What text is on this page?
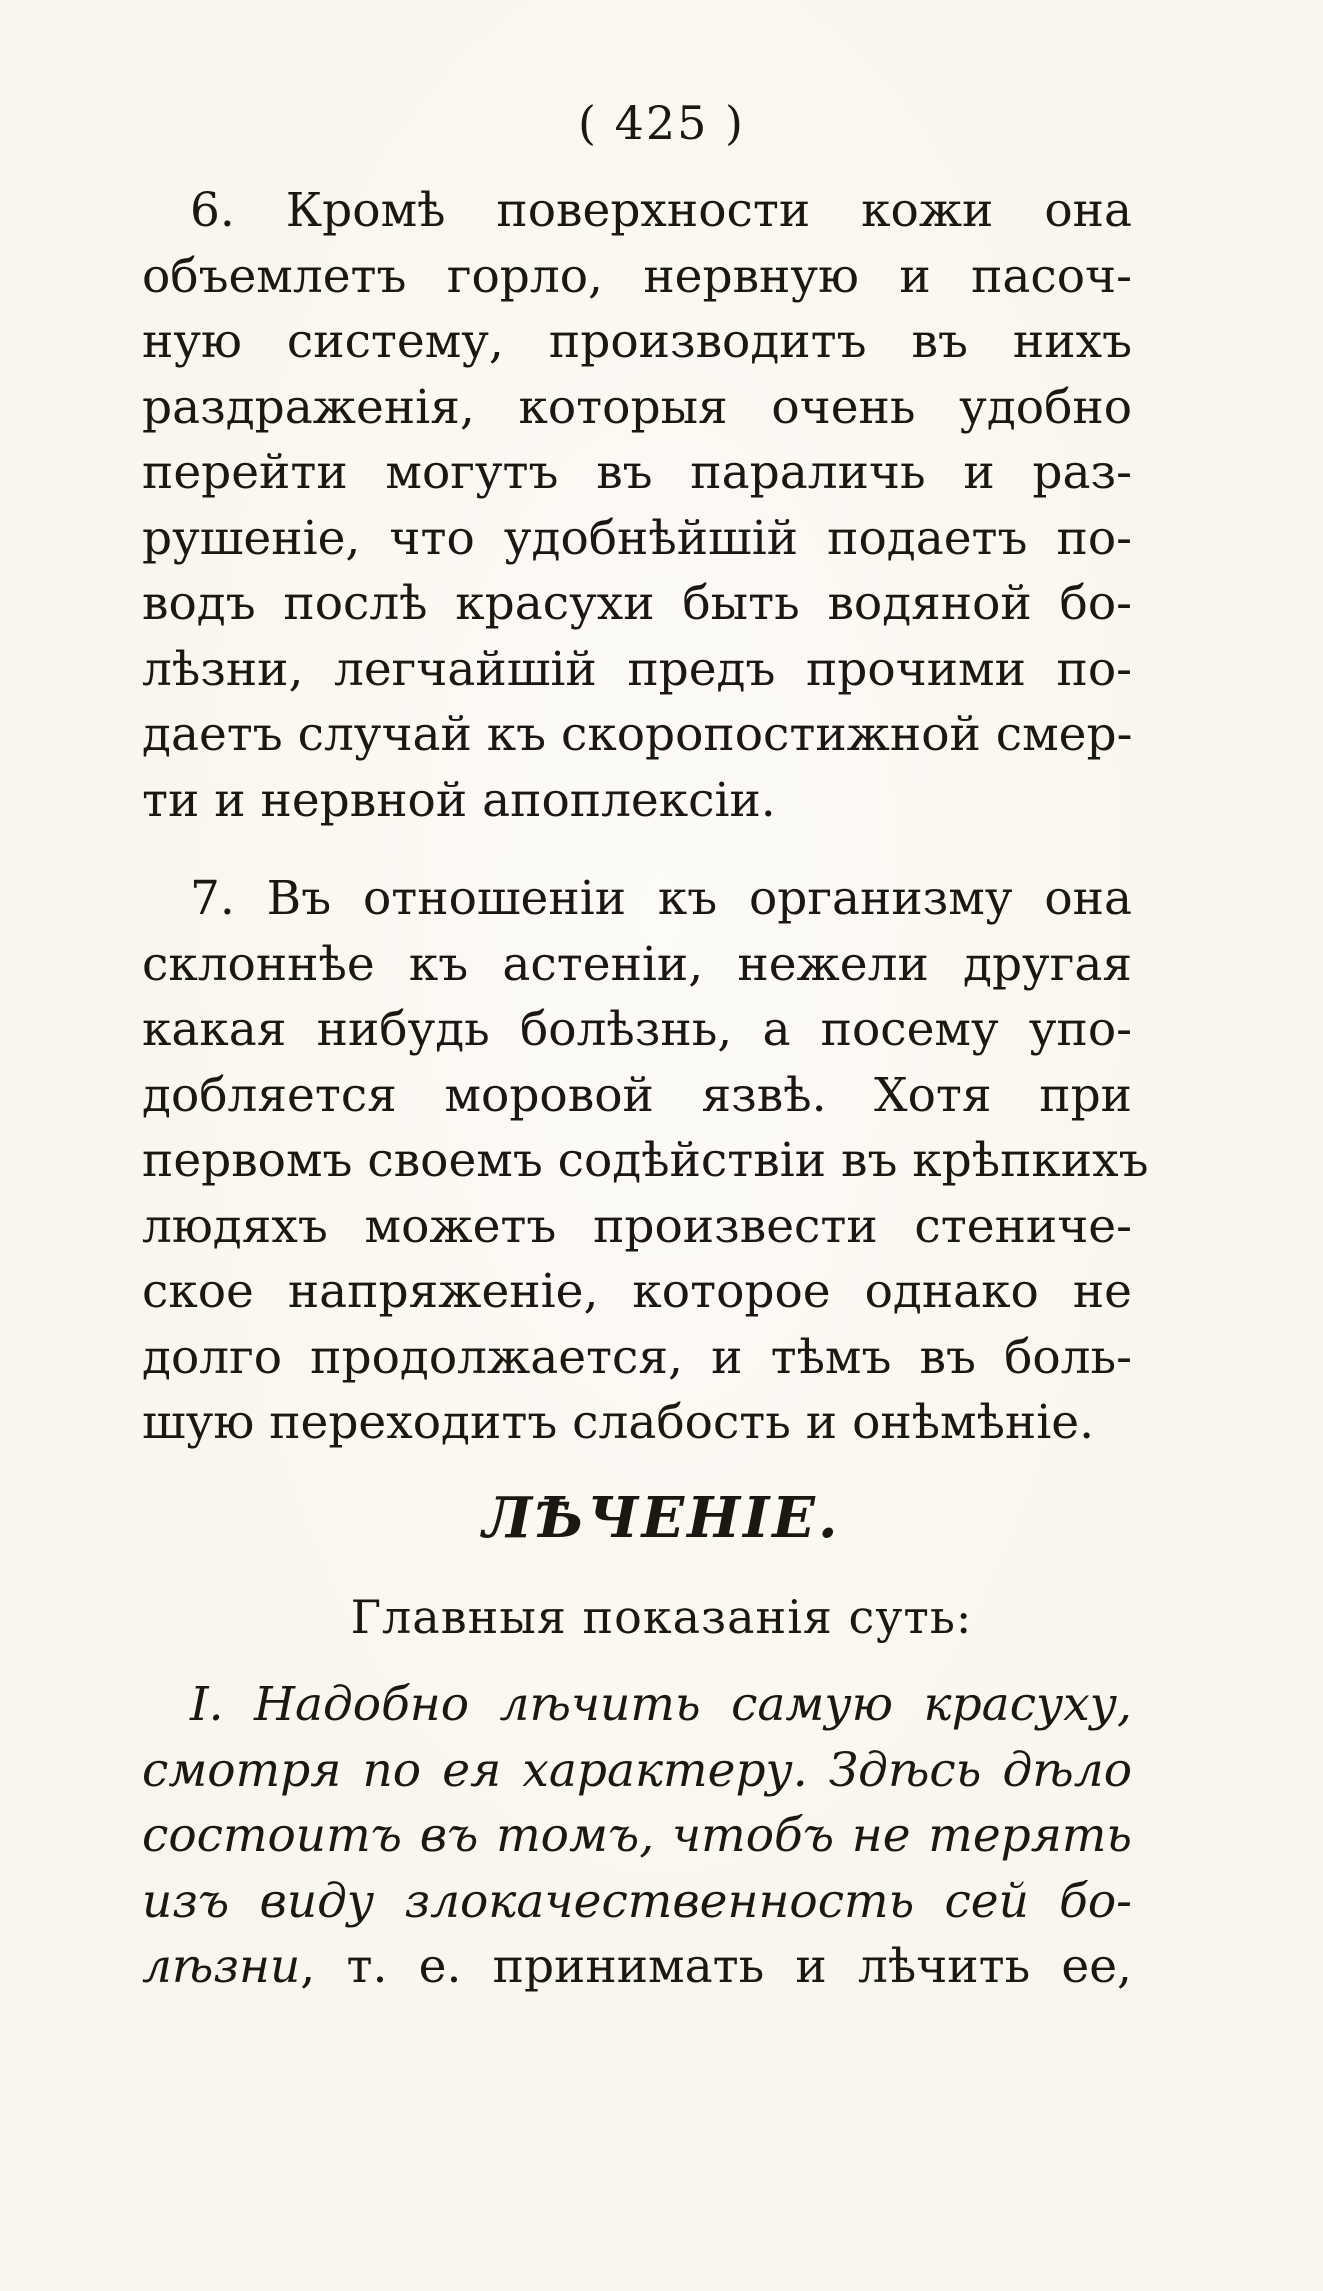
( 425 )
6. Кромѣ поверхности кожи она
объемлетъ горло, нервную и пасоч-
ную систему, производитъ въ нихъ
раздраженія, которыя очень удобно
перейти могутъ въ параличь и раз-
рушеніе, что удобнѣйшій подаетъ по-
водъ послѣ красухи быть водяной бо-
лѣзни, легчайшій предъ прочими по-
даетъ случай къ скоропостижной смер-
ти и нервной апоплексіи.
7. Въ отношеніи къ организму она
склоннѣе къ астеніи, нежели другая
какая нибудь болѣзнь, а посему упо-
добляется моровой язвѣ. Хотя при
первомъ своемъ содѣйствіи въ крѣпкихъ
людяхъ можетъ произвести стениче-
ское напряженіе, которое однако не
долго продолжается, и тѣмъ въ боль-
шую переходитъ слабость и онѣмѣніе.
ЛѢЧЕНІЕ.
Главныя показанія суть:
I. Надобно лѣчить самую красуху,
смотря по ея характеру. Здѣсь дѣло
состоитъ въ томъ, чтобъ не терять
изъ виду злокачественность сей бо-
лѣзни, т. е. принимать и лѣчить ее,
